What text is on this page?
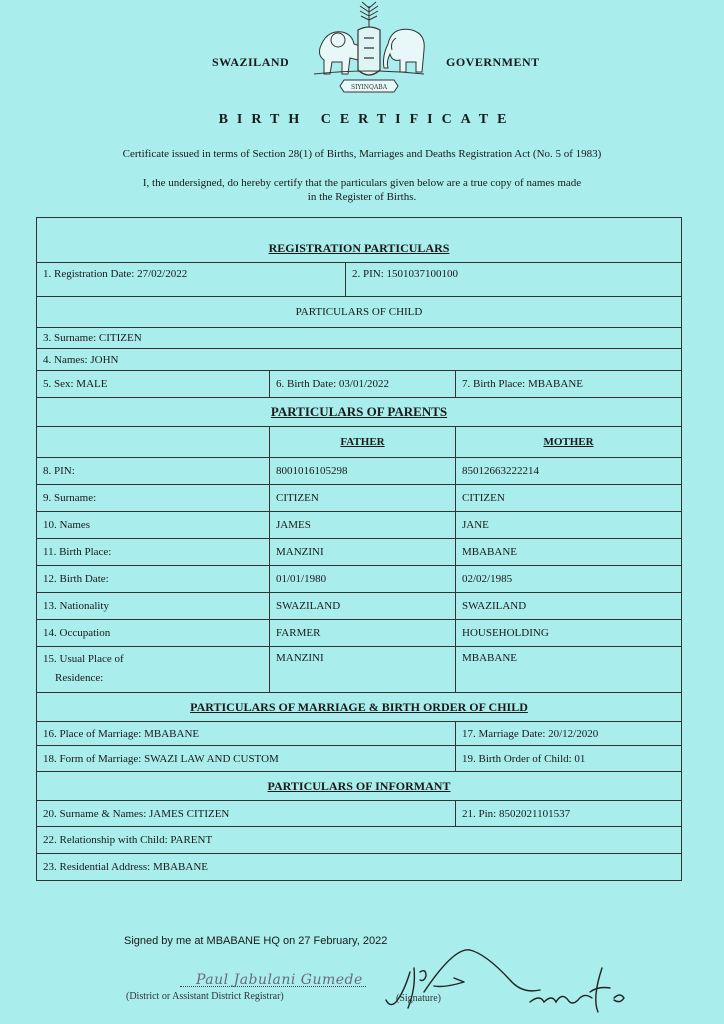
SWAZILAND
SIYINQABA
GOVERNMENT
BIRTH CERTIFICATE
Certificate issued in terms of Section 28(1) of Births, Marriages and Deaths Registration Act (No. 5 of 1983)
I, the undersigned, do hereby certify that the particulars given below are a true copy of names made
in the Register of Births.
REGISTRATION PARTICULARS			
1. Registration Date: 27/02/2022		2. PIN: 1501037100100	
PARTICULARS OF CHILD			
3. Surname: CITIZEN			
4. Names: JOHN			
5. Sex: MALE	6. Birth Date: 03/01/2022		7. Birth Place: MBABANE
PARTICULARS OF PARENTS			
	FATHER		MOTHER
8. PIN:	8001016105298		85012663222214
9. Surname:	CITIZEN		CITIZEN
10. Names	JAMES		JANE
11. Birth Place:	MANZINI		MBABANE
12. Birth Date:	01/01/1980		02/02/1985
13. Nationality	SWAZILAND		SWAZILAND
14. Occupation	FARMER		HOUSEHOLDING

15. Usual Place of
Residence:	MANZINI		MBABANE
PARTICULARS OF MARRIAGE & BIRTH ORDER OF CHILD			
16. Place of Marriage: MBABANE			17. Marriage Date: 20/12/2020
18. Form of Marriage: SWAZI LAW AND CUSTOM			19. Birth Order of Child: 01
PARTICULARS OF INFORMANT			
20. Surname & Names: JAMES CITIZEN			21. Pin: 8502021101537
22. Relationship with Child: PARENT			
23. Residential Address: MBABANE			
Signed by me at MBABANE HQ on 27 February, 2022
Paul Jabulani Gumede
(District or Assistant District Registrar)	(Signature)
